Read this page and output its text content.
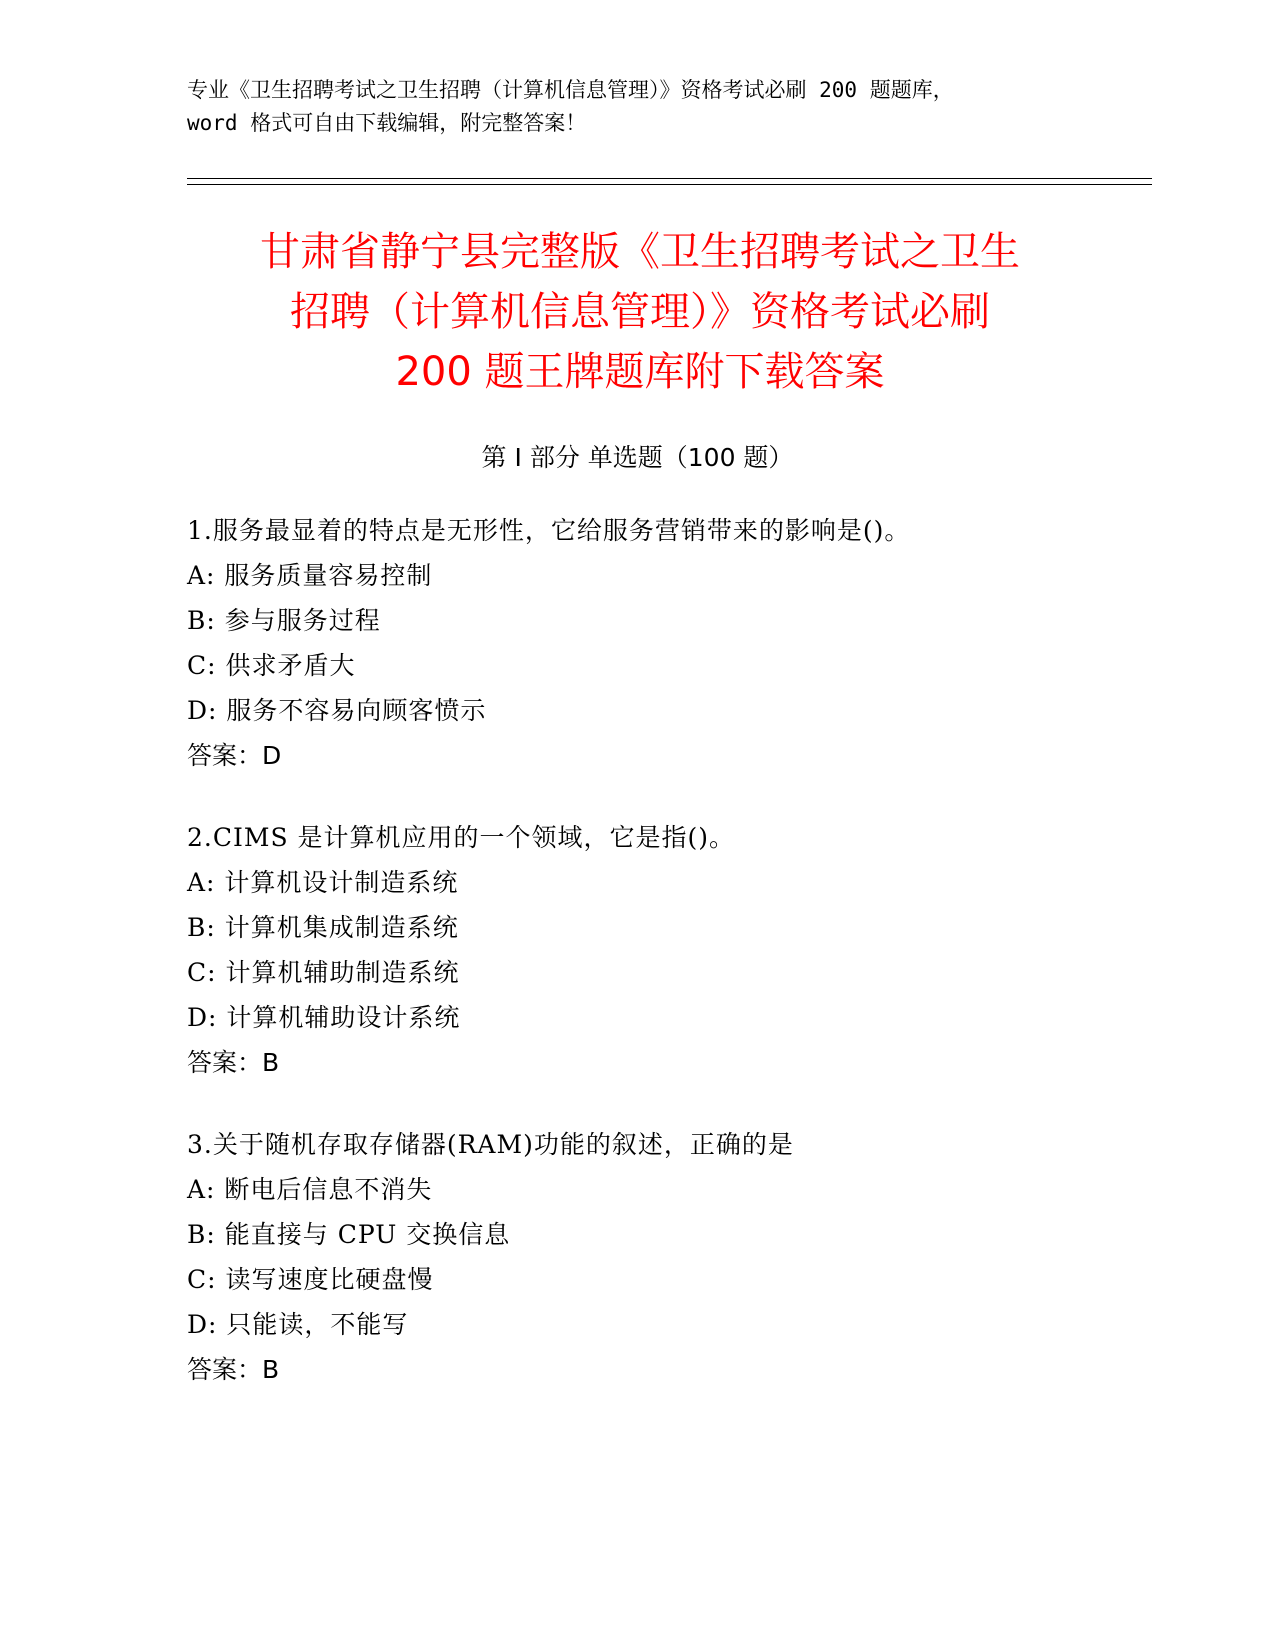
专业《卫生招聘考试之卫生招聘（计算机信息管理）》资格考试必刷 200 题题库，
word 格式可自由下载编辑，附完整答案！
甘肃省静宁县完整版《卫生招聘考试之卫生
招聘（计算机信息管理）》资格考试必刷
200 题王牌题库附下载答案
第 I 部分 单选题（100 题）
1.服务最显着的特点是无形性，它给服务营销带来的影响是()。
A: 服务质量容易控制
B: 参与服务过程
C: 供求矛盾大
D: 服务不容易向顾客愤示
答案：D
2.CIMS 是计算机应用的一个领域，它是指()。
A: 计算机设计制造系统
B: 计算机集成制造系统
C: 计算机辅助制造系统
D: 计算机辅助设计系统
答案：B
3.关于随机存取存储器(RAM)功能的叙述，正确的是
A: 断电后信息不消失
B: 能直接与 CPU 交换信息
C: 读写速度比硬盘慢
D: 只能读，不能写
答案：B
